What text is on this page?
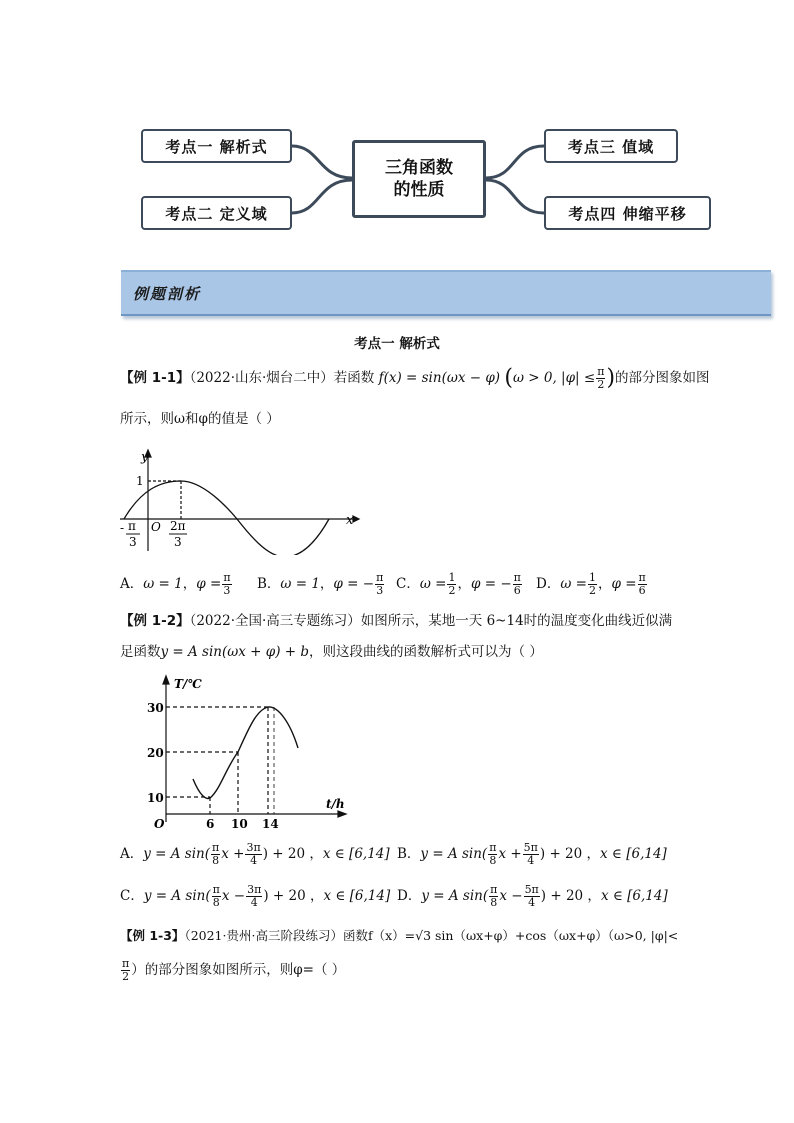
考点一 解析式
考点二 定义域
三角函数
的性质
考点三 值域
考点四 伸缩平移
例题剖析
考点一 解析式
【例 1-1】（2022·山东·烟台二中）若函数 f(x) = sin(ωx − φ) (ω > 0, $|\varphi| \le \frac{\pi}{2}$ )的部分图象如图
所示，则ω和φ的值是（ ）
y
x
1
O
- π
3
2π
3
A．ω = 1，$\varphi = \frac{\pi}{3}$ B．ω = 1，φ = − $\frac{\pi}{3}$ C．$\omega = \frac{1}{2}$ ，φ = − $\frac{\pi}{6}$ D．$\omega = \frac{1}{2}$ ，$\varphi = \frac{\pi}{6}$
【例 1-2】（2022·全国·高三专题练习）如图所示，某地一天 6~14时的温度变化曲线近似满
足函数y = A sin(ωx + φ) + b，则这段曲线的函数解析式可以为（ ）
T/℃
t/h
O
30
20
10
6 10 14
A．y = A $\sin( \frac{\pi}{8}$ $x + \frac{3\pi}{4}$ ) + 20 ，x ∈ [6,14] B．y = A $\sin( \frac{\pi}{8}$ $x + \frac{5\pi}{4}$ ) + 20 ，x ∈ [6,14]
C．y = A $\sin( \frac{\pi}{8}$ $x - \frac{3\pi}{4}$ ) + 20 ，x ∈ [6,14] D．y = A $\sin( \frac{\pi}{8}$ $x - \frac{5\pi}{4}$ ) + 20 ，x ∈ [6,14]
【例 1-3】（2021·贵州·高三阶段练习）函数f（x）=√3 sin（ωx+φ）+cos（ωx+φ）（ω>0, |φ|<
$\frac{\pi}{2}$ ）的部分图象如图所示，则φ=（ ）
